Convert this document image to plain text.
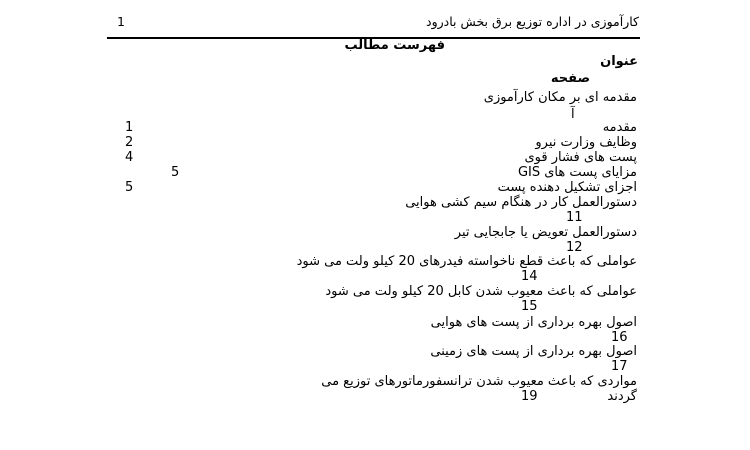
کارآموزی در اداره توزیع برق بخش بادرود
1
فهرست مطالب
عنوان
صفحه
مقدمه ای بر مکان کارآموزی
آ
مقدمه
1
وظایف وزارت نیرو
2
پست های فشار قوی
4
مزایای پست های GIS
5
اجزای تشکیل دهنده پست
5
دستورالعمل کار در هنگام سیم کشی هوایی
11
دستورالعمل تعویض یا جابجایی تیر
12
عواملی که باعث قطع ناخواسته فیدرهای 20 کیلو ولت می شود
14
عواملی که باعث معیوب شدن کابل 20 کیلو ولت می شود
15
اصول بهره برداری از پست های هوایی
16
اصول بهره برداری از پست های زمینی
17
مواردی که باعث معیوب شدن ترانسفورماتورهای توزیع می
19	گردند
